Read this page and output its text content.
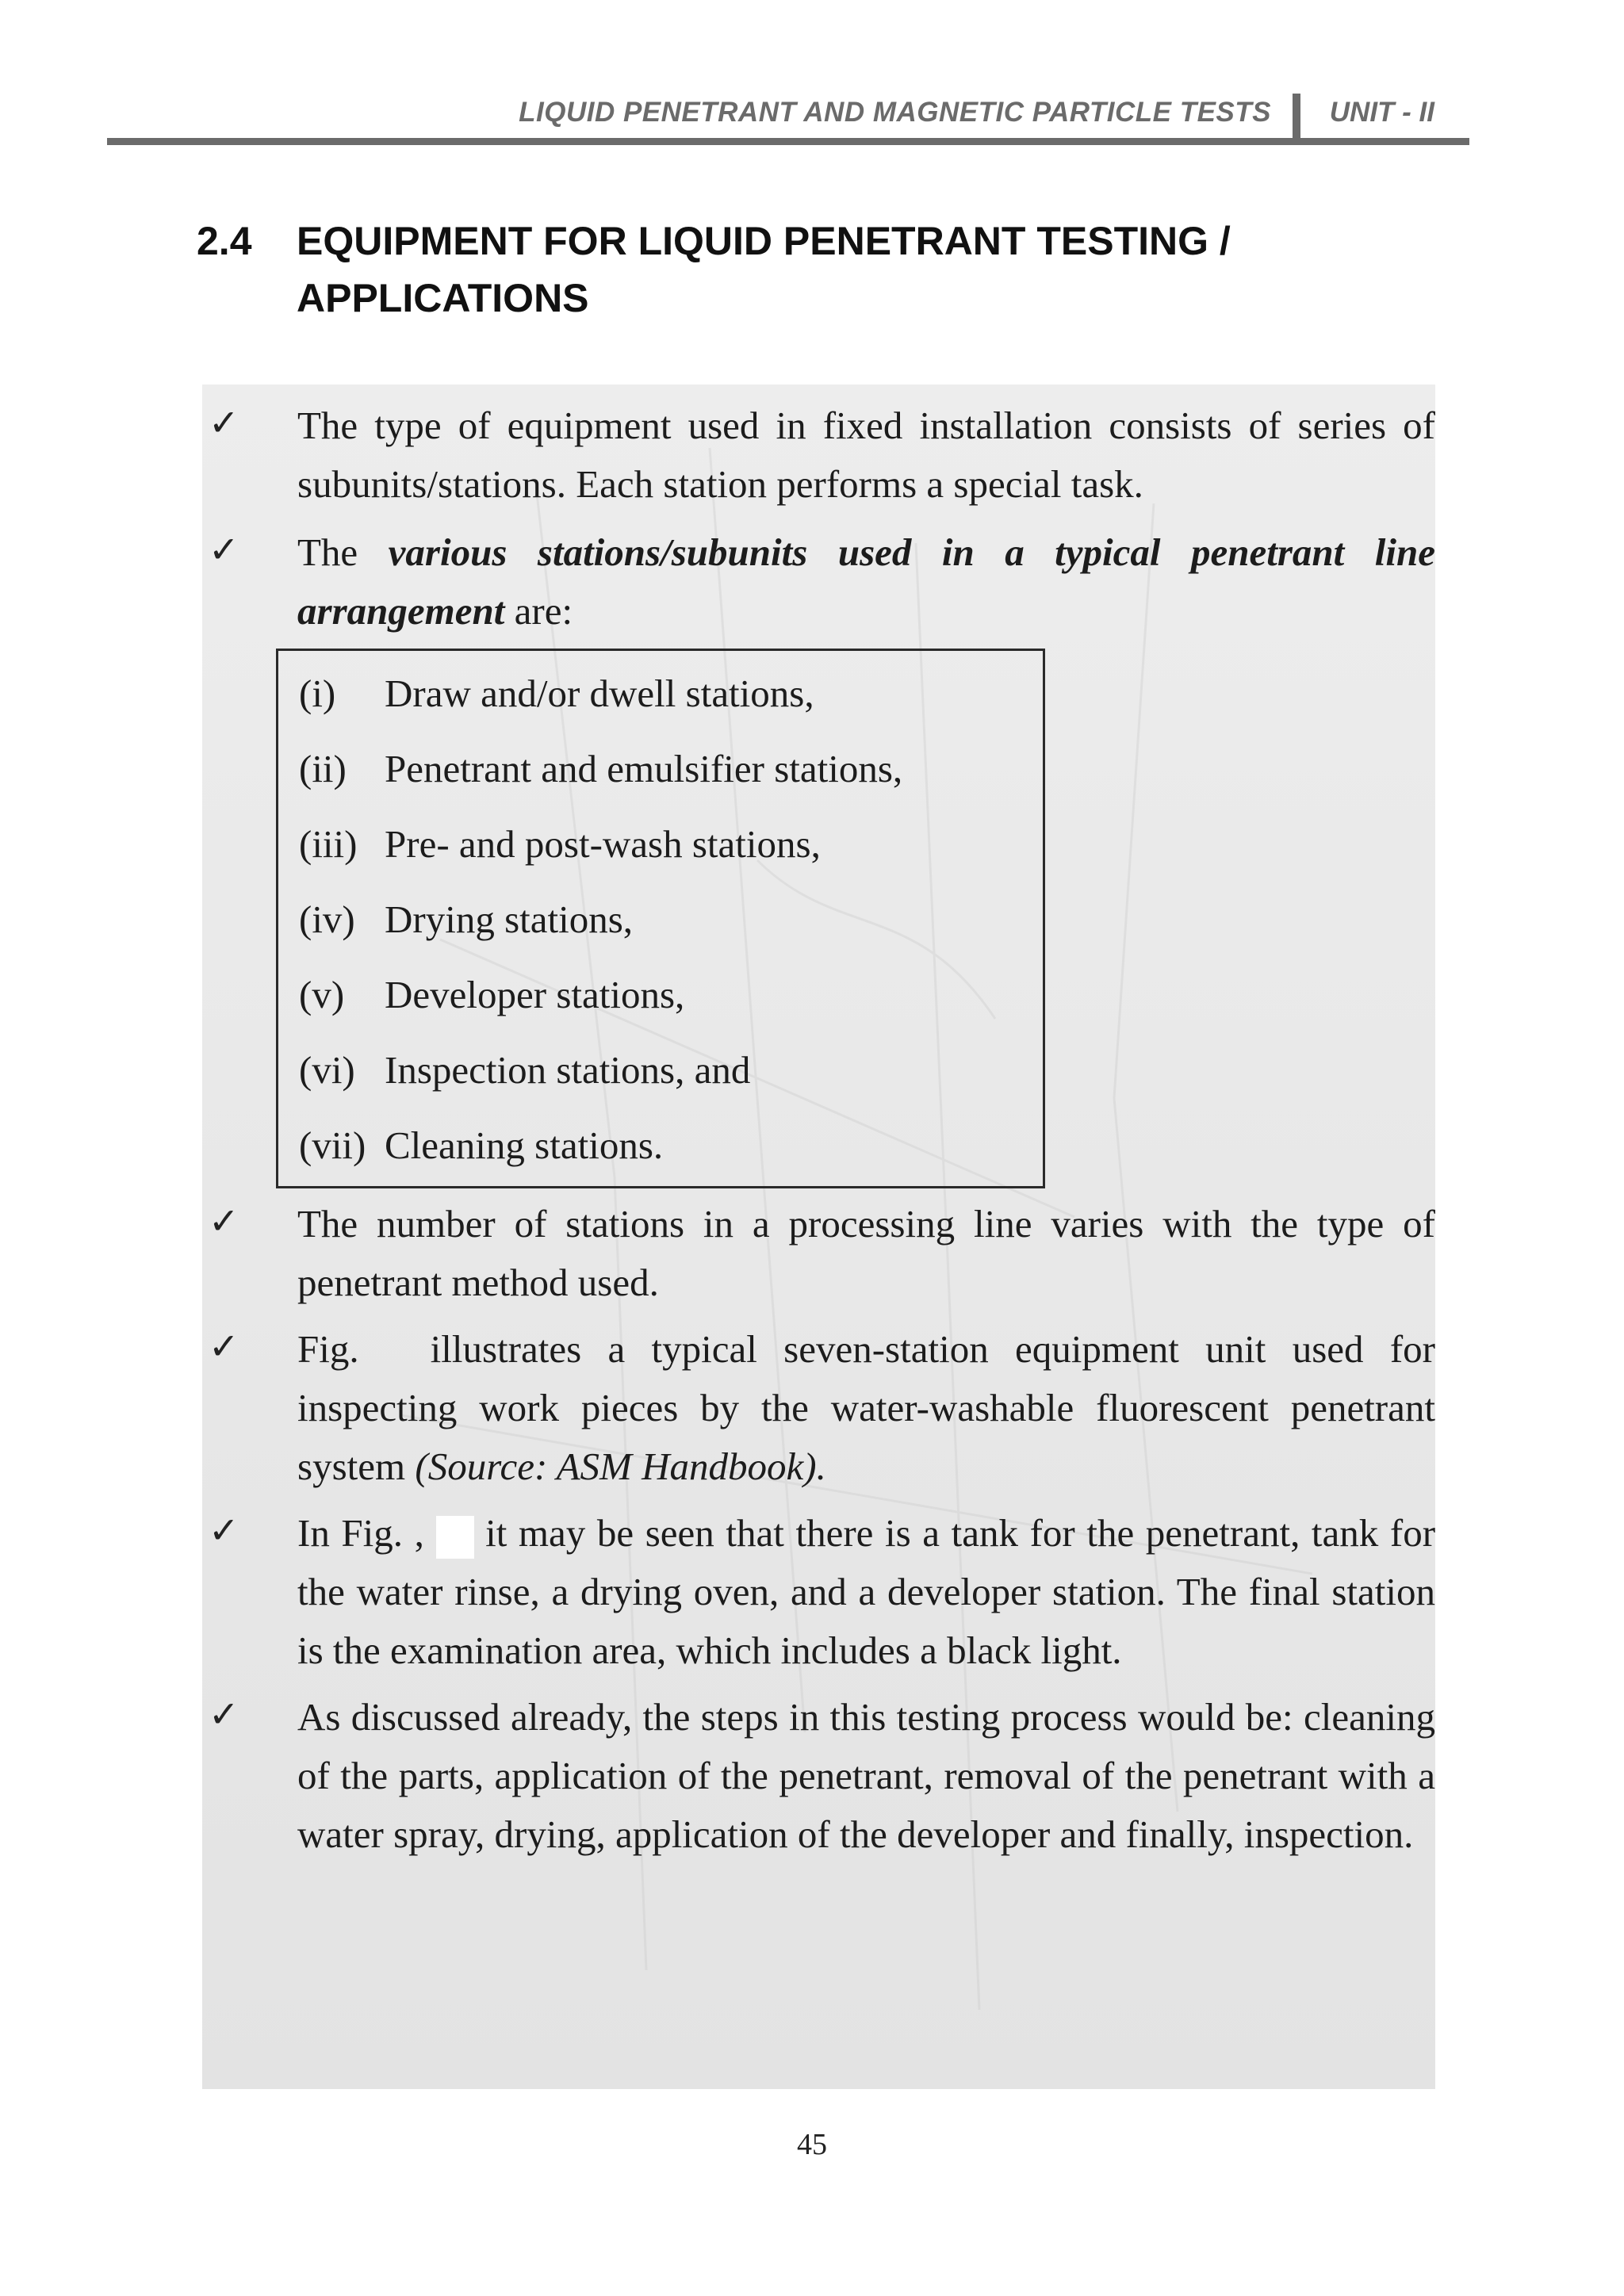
LIQUID PENETRANT AND MAGNETIC PARTICLE TESTS UNIT - II
2.4 EQUIPMENT FOR LIQUID PENETRANT TESTING / APPLICATIONS
✓ The type of equipment used in fixed installation consists of series of subunits/stations. Each station performs a special task.
✓ The various stations/subunits used in a typical penetrant line arrangement are:
(i) Draw and/or dwell stations,
(ii) Penetrant and emulsifier stations,
(iii) Pre- and post-wash stations,
(iv) Drying stations,
(v) Developer stations,
(vi) Inspection stations, and
(vii) Cleaning stations.
✓ The number of stations in a processing line varies with the type of penetrant method used.
✓ Fig. illustrates a typical seven-station equipment unit used for inspecting work pieces by the water-washable fluorescent penetrant system (Source: ASM Handbook).
✓ In Fig. , it may be seen that there is a tank for the penetrant, tank for the water rinse, a drying oven, and a developer station. The final station is the examination area, which includes a black light.
✓ As discussed already, the steps in this testing process would be: cleaning of the parts, application of the penetrant, removal of the penetrant with a water spray, drying, application of the developer and finally, inspection.
45
